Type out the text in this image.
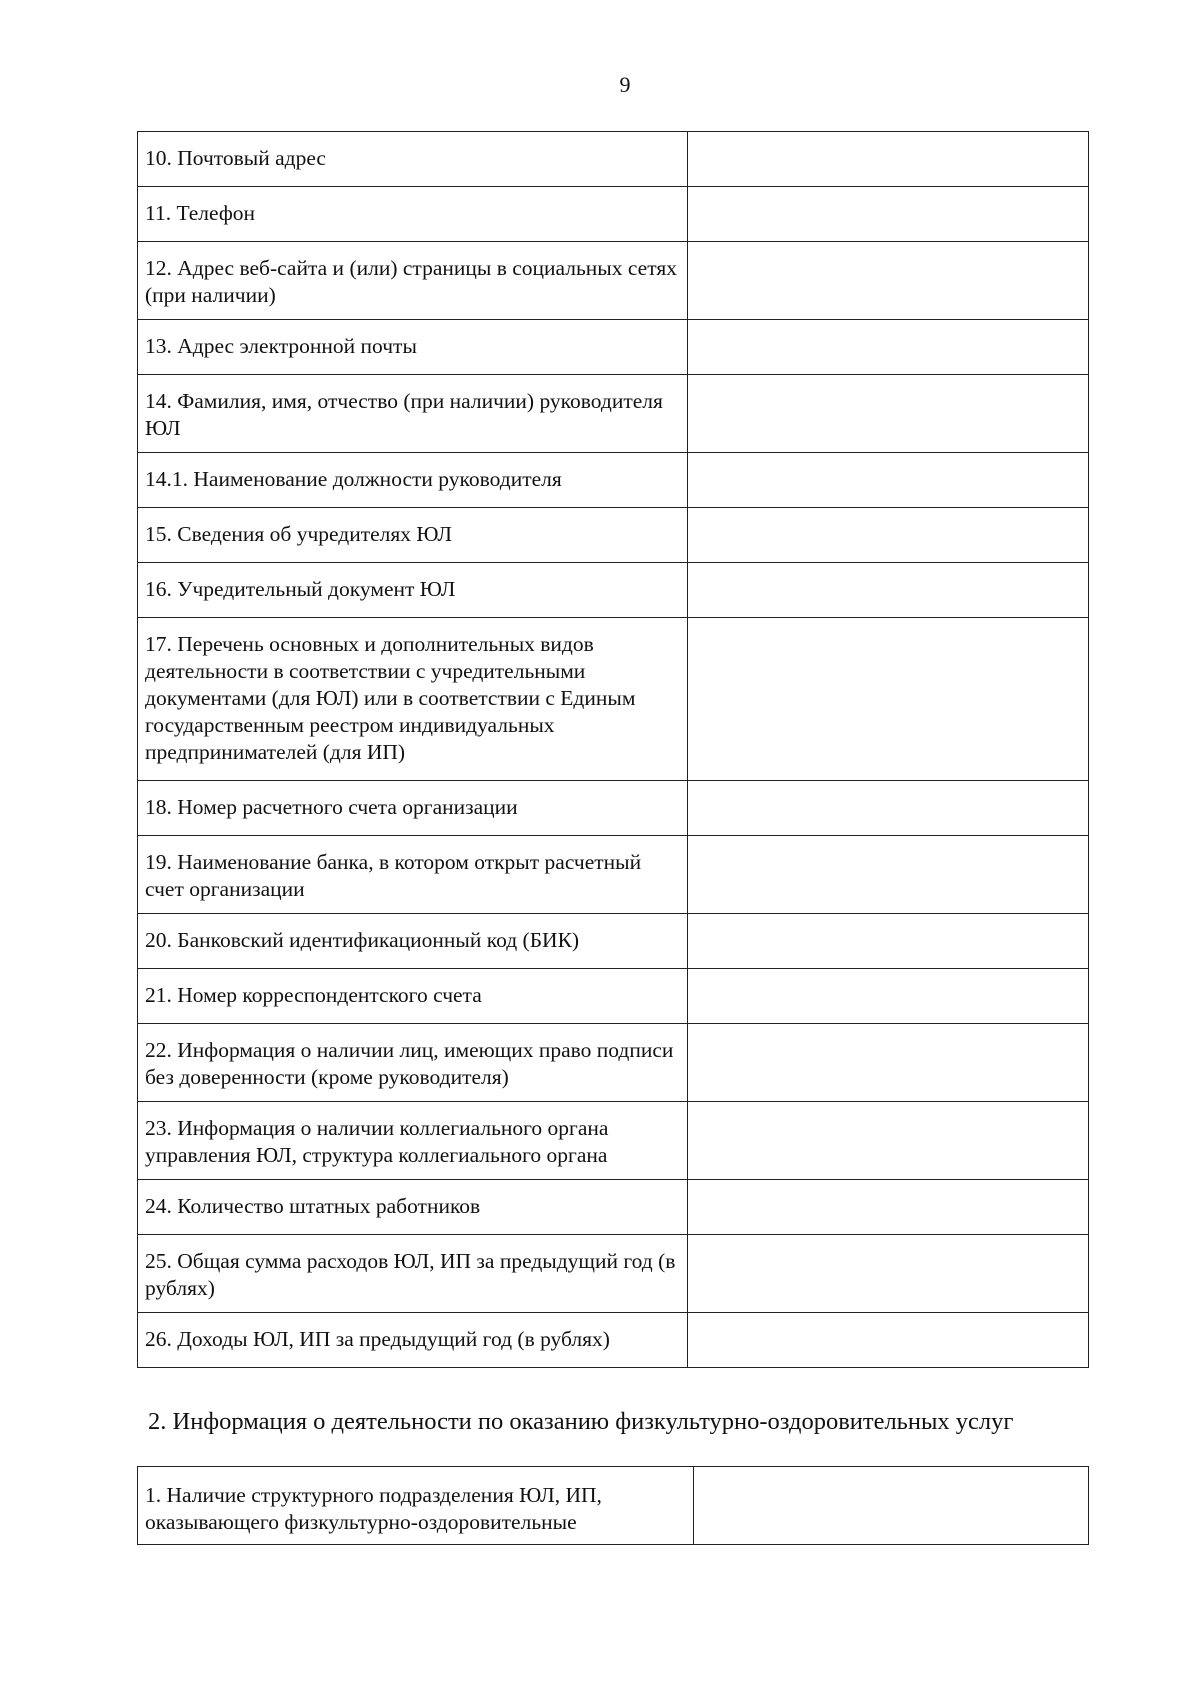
9
10. Почтовый адрес	
11. Телефон	
12. Адрес веб-сайта и (или) страницы в социальных сетях (при наличии)	
13. Адрес электронной почты	
14. Фамилия, имя, отчество (при наличии) руководителя ЮЛ	
14.1. Наименование должности руководителя	
15. Сведения об учредителях ЮЛ	
16. Учредительный документ ЮЛ	
17. Перечень основных и дополнительных видов деятельности в соответствии с учредительными документами (для ЮЛ) или в соответствии с Единым государственным реестром индивидуальных предпринимателей (для ИП)	
18. Номер расчетного счета организации	
19. Наименование банка, в котором открыт расчетный счет организации	
20. Банковский идентификационный код (БИК)	
21. Номер корреспондентского счета	
22. Информация о наличии лиц, имеющих право подписи без доверенности (кроме руководителя)	
23. Информация о наличии коллегиального органа управления ЮЛ, структура коллегиального органа	
24. Количество штатных работников	
25. Общая сумма расходов ЮЛ, ИП за предыдущий год (в рублях)	
26. Доходы ЮЛ, ИП за предыдущий год (в рублях)	
2. Информация о деятельности по оказанию физкультурно-оздоровительных услуг
1. Наличие структурного подразделения ЮЛ, ИП, оказывающего физкультурно-оздоровительные	
